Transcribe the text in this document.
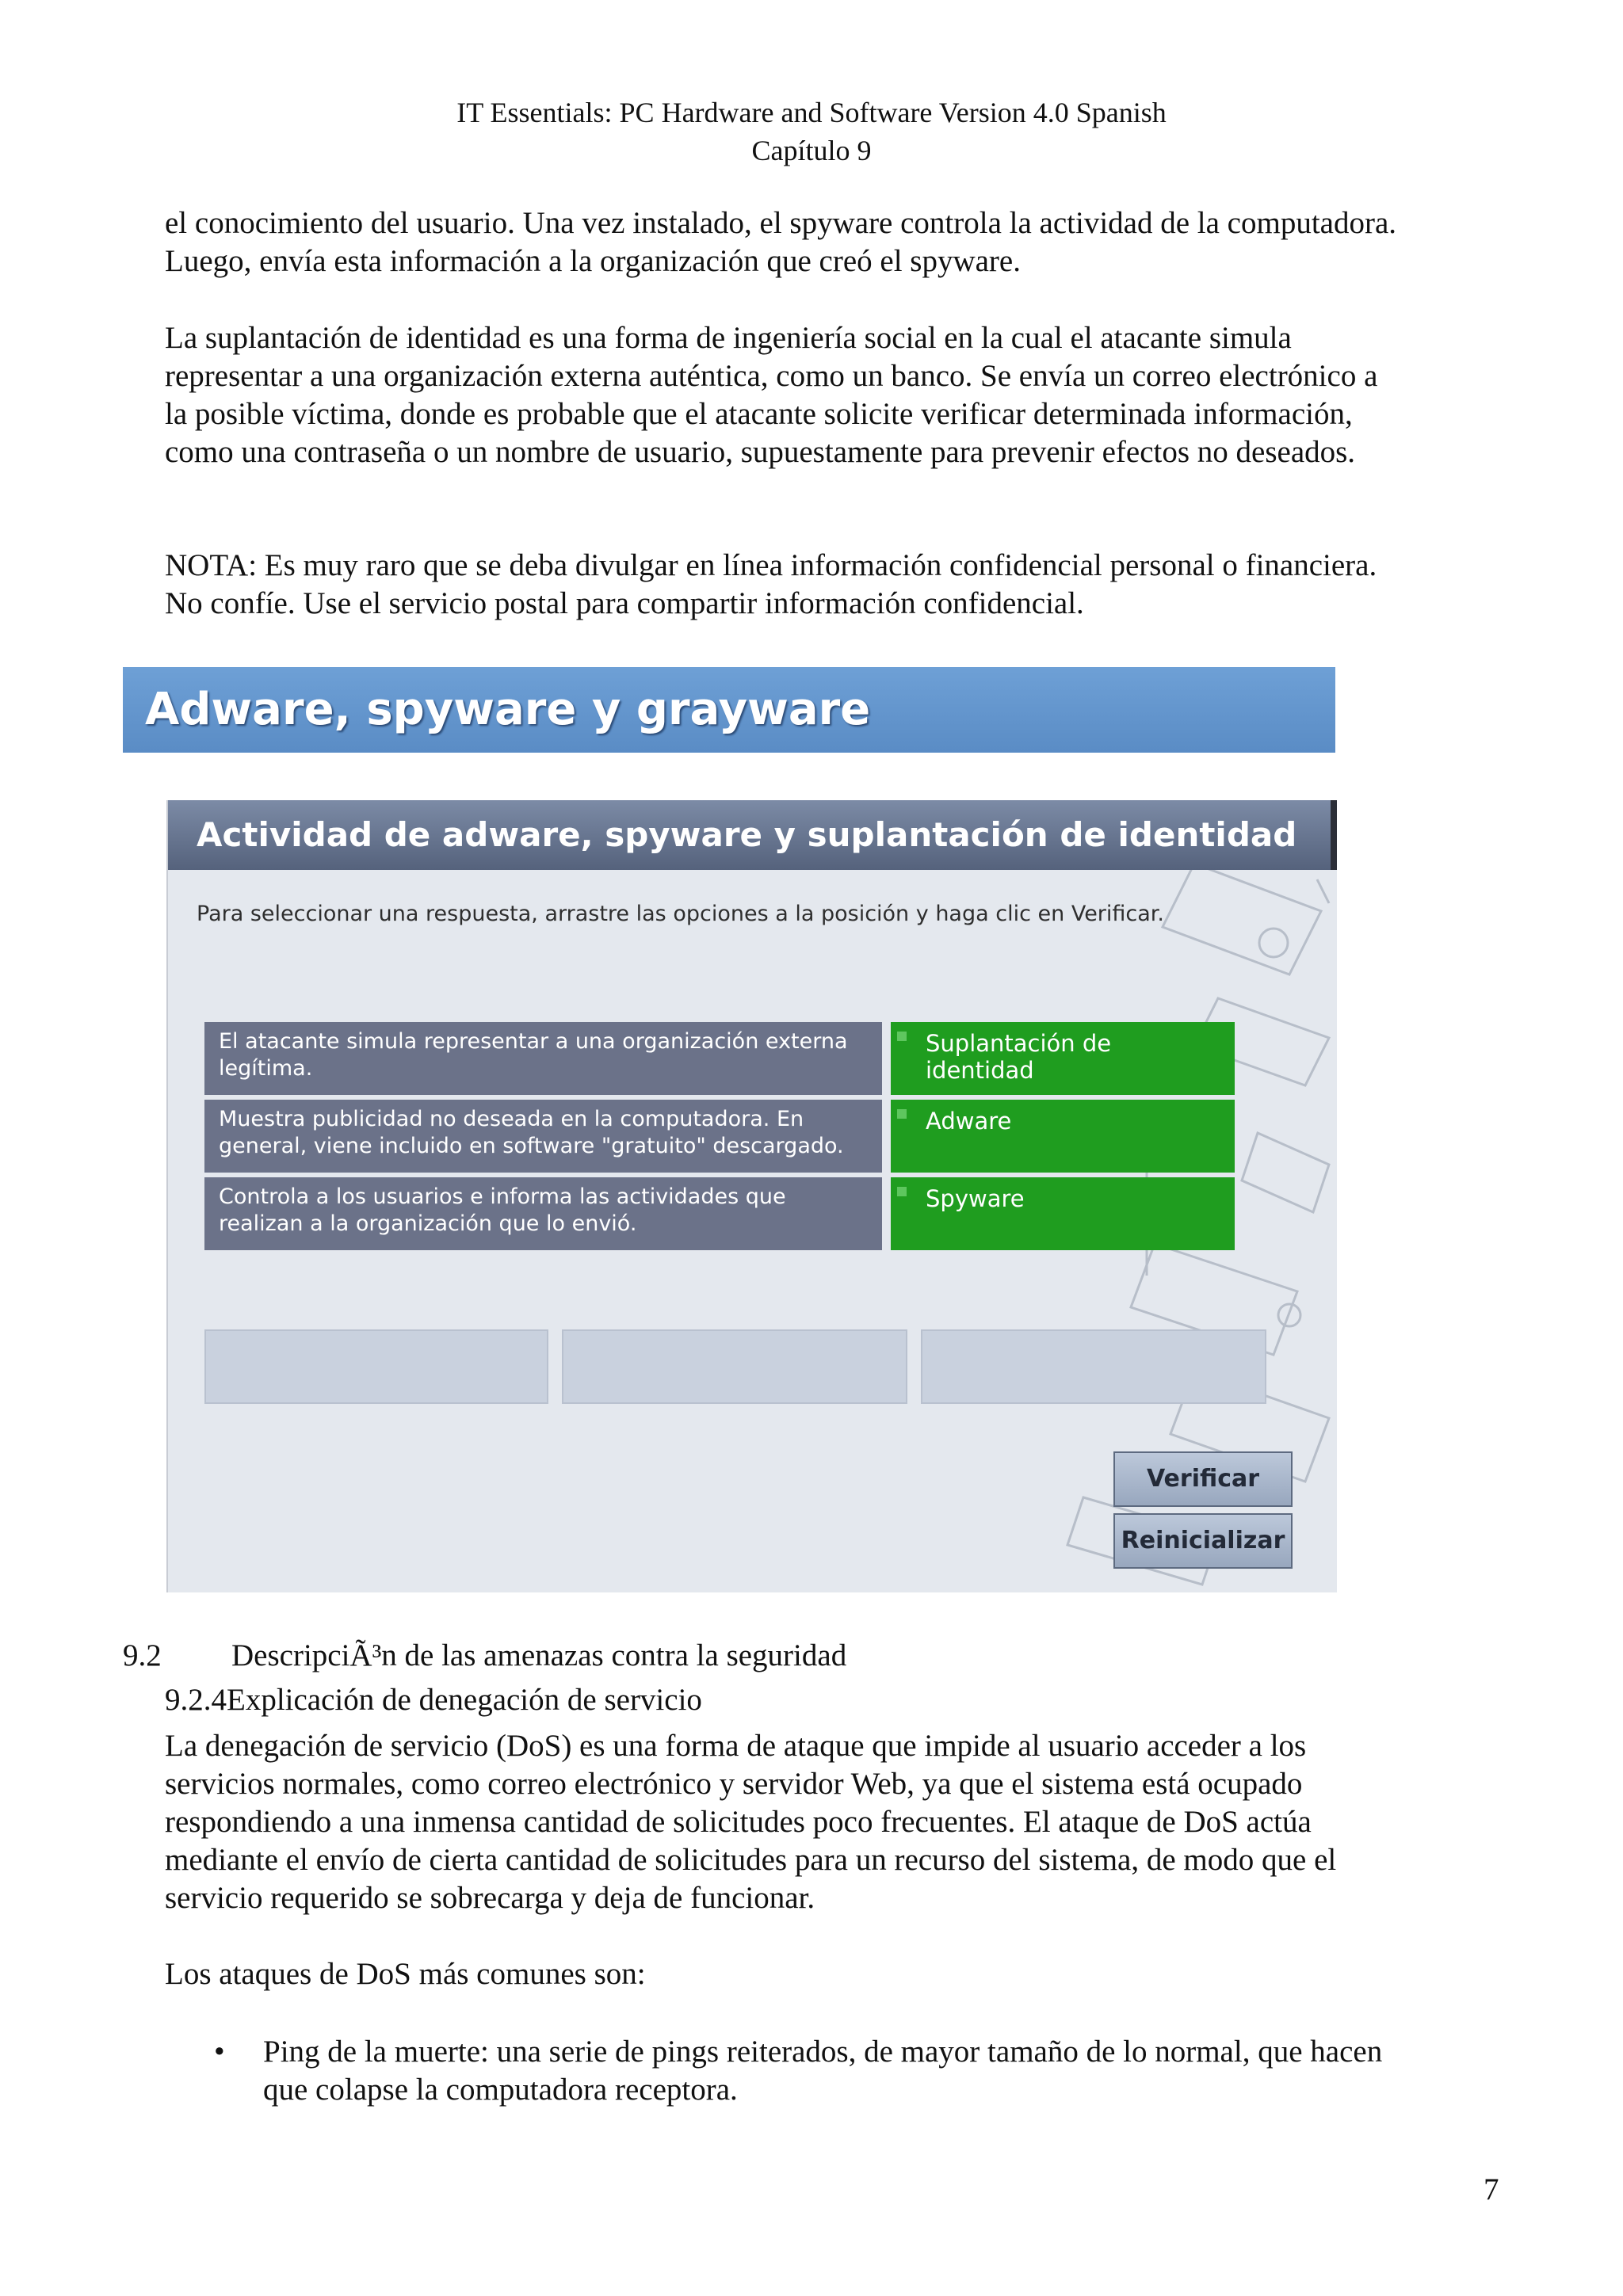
IT Essentials: PC Hardware and Software Version 4.0 Spanish
Capítulo 9
el conocimiento del usuario. Una vez instalado, el spyware controla la actividad de la computadora. Luego, envía esta información a la organización que creó el spyware.
La suplantación de identidad es una forma de ingeniería social en la cual el atacante simula representar a una organización externa auténtica, como un banco. Se envía un correo electrónico a la posible víctima, donde es probable que el atacante solicite verificar determinada información, como una contraseña o un nombre de usuario, supuestamente para prevenir efectos no deseados.
NOTA: Es muy raro que se deba divulgar en línea información confidencial personal o financiera. No confíe. Use el servicio postal para compartir información confidencial.
Adware, spyware y grayware
Actividad de adware, spyware y suplantación de identidad
Para seleccionar una respuesta, arrastre las opciones a la posición y haga clic en Verificar.
El atacante simula representar a una organización externa legítima.
Suplantación de identidad
Muestra publicidad no deseada en la computadora. En general, viene incluido en software "gratuito" descargado.
Adware
Controla a los usuarios e informa las actividades que realizan a la organización que lo envió.
Spyware
Verificar
Reinicializar
9.2 DescripciÃ³n de las amenazas contra la seguridad
9.2.4Explicación de denegación de servicio
La denegación de servicio (DoS) es una forma de ataque que impide al usuario acceder a los servicios normales, como correo electrónico y servidor Web, ya que el sistema está ocupado respondiendo a una inmensa cantidad de solicitudes poco frecuentes. El ataque de DoS actúa mediante el envío de cierta cantidad de solicitudes para un recurso del sistema, de modo que el servicio requerido se sobrecarga y deja de funcionar.
Los ataques de DoS más comunes son:
• Ping de la muerte: una serie de pings reiterados, de mayor tamaño de lo normal, que hacen que colapse la computadora receptora.
7
